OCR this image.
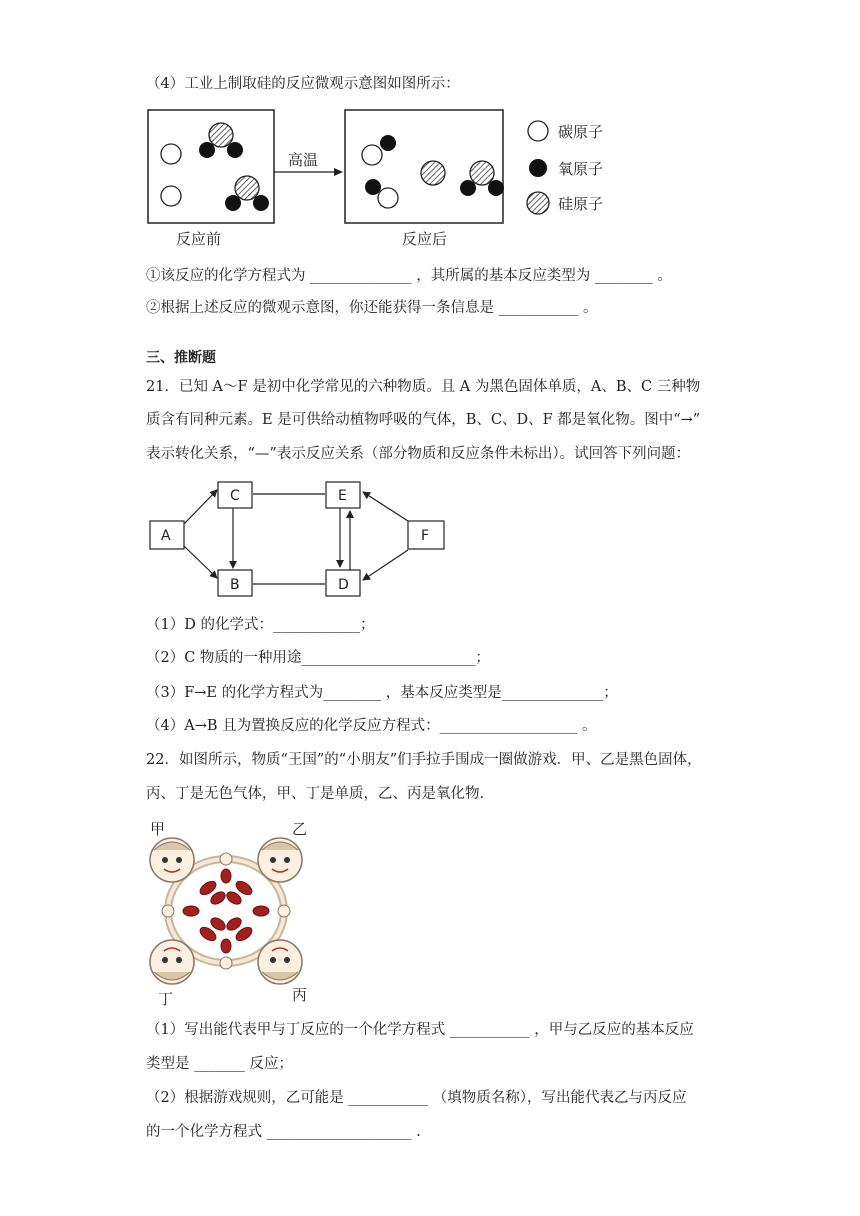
（4）工业上制取硅的反应微观示意图如图所示：
高温
碳原子
氧原子
硅原子
反应前	反应后
①该反应的化学方程式为 ______________ ，其所属的基本反应类型为 ________ 。
②根据上述反应的微观示意图，你还能获得一条信息是 ___________ 。
三、推断题
21．已知 A～F 是初中化学常见的六种物质。且 A 为黑色固体单质，A、B、C 三种物
质含有同种元素。E 是可供给动植物呼吸的气体，B、C、D、F 都是氧化物。图中“→”
表示转化关系，“—”表示反应关系（部分物质和反应条件未标出）。试回答下列问题：
A
C
B
E
D
F
（1）D 的化学式：____________；
（2）C 物质的一种用途________________________；
（3）F→E 的化学方程式为________ ，基本反应类型是______________；
（4）A→B 且为置换反应的化学反应方程式：___________________ 。
22．如图所示，物质“王国”的“小朋友”们手拉手围成一圈做游戏．甲、乙是黑色固体，
丙、丁是无色气体，甲、丁是单质，乙、丙是氧化物．
甲	乙
丁	丙
（1）写出能代表甲与丁反应的一个化学方程式 ___________ ，甲与乙反应的基本反应
类型是 _______ 反应；
（2）根据游戏规则，乙可能是 ___________ （填物质名称），写出能代表乙与丙反应
的一个化学方程式 ____________________ .
